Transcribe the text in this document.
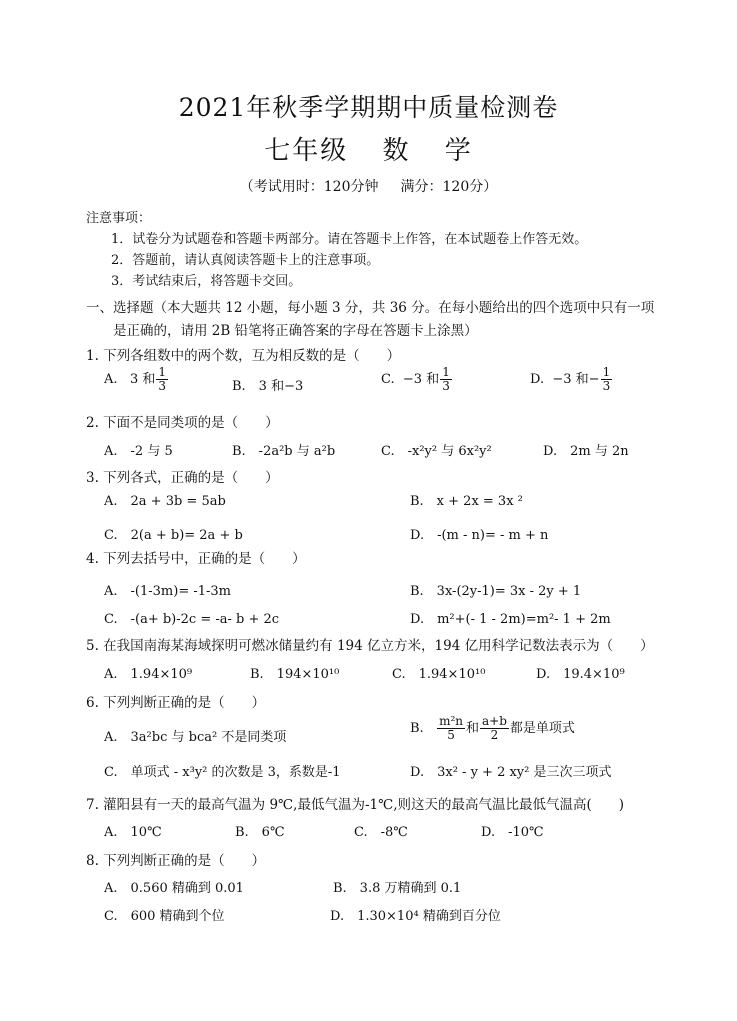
2021年秋季学期期中质量检测卷
七年级 数 学
（考试用时：120分钟 满分：120分）
注意事项：
1．试卷分为试题卷和答题卡两部分。请在答题卡上作答，在本试题卷上作答无效。
2．答题前，请认真阅读答题卡上的注意事项。
3．考试结束后，将答题卡交回。
一、选择题（本大题共 12 小题，每小题 3 分，共 36 分。在每小题给出的四个选项中只有一项
是正确的，请用 2B 铅笔将正确答案的字母在答题卡上涂黑）
1. 下列各组数中的两个数，互为相反数的是（　　）
A. 3 和 $\frac{1}{3}$	B.　3 和−3	C. −3 和 $\frac{1}{3}$	D. −3 和− $\frac{1}{3}$
2. 下面不是同类项的是（　　）
A.　-2 与 5	B.　-2a²b 与 a²b	C.　-x²y² 与 6x²y²	D.　2m 与 2n
3. 下列各式，正确的是（　　）
A.　2a + 3b = 5ab	B.　x + 2x = 3x ²
C.　2(a + b)= 2a + b	D.　-(m - n)= - m + n
4. 下列去括号中，正确的是（　　）
A.　-(1-3m)= -1-3m	B.　3x-(2y-1)= 3x - 2y + 1
C.　-(a+ b)-2c = -a- b + 2c	D.　m²+(- 1 - 2m)=m²- 1 + 2m
5. 在我国南海某海域探明可燃冰储量约有 194 亿立方米，194 亿用科学记数法表示为（　　）
A.　1.94×10⁹	B.　194×10¹⁰	C.　1.94×10¹⁰	D.　19.4×10⁹
6. 下列判断正确的是（　　）
A.　3a²bc 与 bca² 不是同类项
B. $\frac{\text{m²n}}{5}$ 和 $\frac{a+b}{2}$ 都是单项式
C.　单项式 - x³y² 的次数是 3，系数是-1	D.　3x² - y + 2 xy² 是三次三项式
7. 灌阳县有一天的最高气温为 9℃,最低气温为-1℃,则这天的最高气温比最低气温高(　　)
A.　10℃	B.　6℃	C.　-8℃	D.　-10℃
8. 下列判断正确的是（　　）
A.　0.560 精确到 0.01	B.　3.8 万精确到 0.1
C.　600 精确到个位	D.　1.30×10⁴ 精确到百分位
